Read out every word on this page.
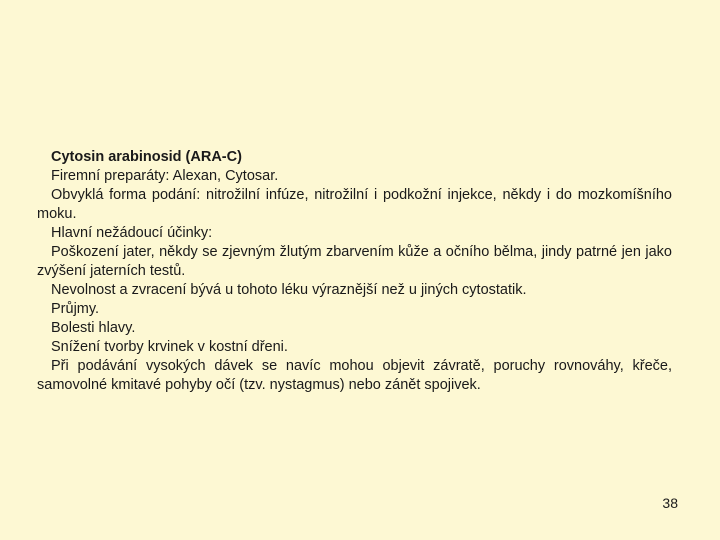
Cytosin arabinosid (ARA-C)

Firemní preparáty: Alexan, Cytosar.

Obvyklá forma podání: nitrožilní infúze, nitrožilní i podkožní injekce, někdy i do mozkomíšního moku.

Hlavní nežádoucí účinky:

Poškození jater, někdy se zjevným žlutým zbarvením kůže a očního bělma, jindy patrné jen jako zvýšení jaterních testů.

Nevolnost a zvracení bývá u tohoto léku výraznější než u jiných cytostatik.

Průjmy.

Bolesti hlavy.

Snížení tvorby krvinek v kostní dřeni.

Při podávání vysokých dávek se navíc mohou objevit závratě, poruchy rovnováhy, křeče, samovolné kmitavé pohyby očí (tzv. nystagmus) nebo zánět spojivek.

38
